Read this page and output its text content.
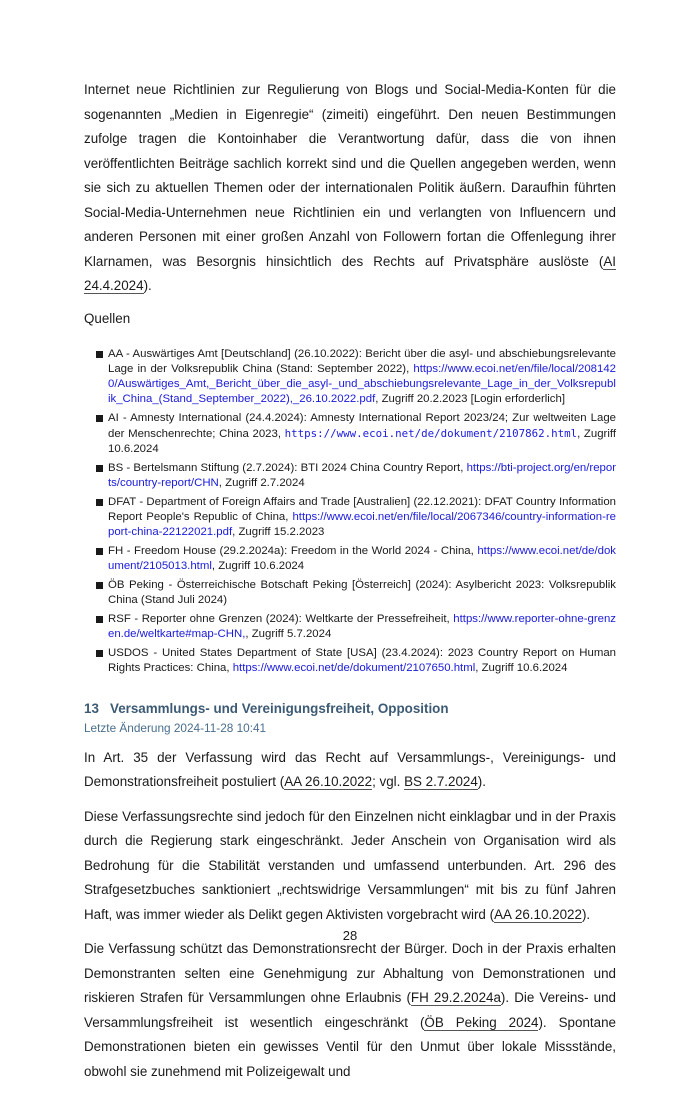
Internet neue Richtlinien zur Regulierung von Blogs und Social-Media-Konten für die sogenannten „Medien in Eigenregie“ (zimeiti) eingeführt. Den neuen Bestimmungen zufolge tragen die Kontoinhaber die Verantwortung dafür, dass die von ihnen veröffentlichten Beiträge sachlich korrekt sind und die Quellen angegeben werden, wenn sie sich zu aktuellen Themen oder der internationalen Politik äußern. Daraufhin führten Social-Media-Unternehmen neue Richtlinien ein und verlangten von Influencern und anderen Personen mit einer großen Anzahl von Followern fortan die Offenlegung ihrer Klarnamen, was Besorgnis hinsichtlich des Rechts auf Privatsphäre auslöste (AI 24.4.2024).

Quellen
AA - Auswärtiges Amt [Deutschland] (26.10.2022): Bericht über die asyl- und abschiebungsrelevante Lage in der Volksrepublik China (Stand: September 2022), https://www.ecoi.net/en/file/local/2081420/Auswärtiges_Amt,_Bericht_über_die_asyl-_und_abschiebungsrelevante_Lage_in_der_Volksrepublik_China_(Stand_September_2022),_26.10.2022.pdf, Zugriff 20.2.2023 [Login erforderlich]
AI - Amnesty International (24.4.2024): Amnesty International Report 2023/24; Zur weltweiten Lage der Menschenrechte; China 2023, https://www.ecoi.net/de/dokument/2107862.html, Zugriff 10.6.2024
BS - Bertelsmann Stiftung (2.7.2024): BTI 2024 China Country Report, https://bti-project.org/en/reports/country-report/CHN, Zugriff 2.7.2024
DFAT - Department of Foreign Affairs and Trade [Australien] (22.12.2021): DFAT Country Information Report People's Republic of China, https://www.ecoi.net/en/file/local/2067346/country-information-report-china-22122021.pdf, Zugriff 15.2.2023
FH - Freedom House (29.2.2024a): Freedom in the World 2024 - China, https://www.ecoi.net/de/dokument/2105013.html, Zugriff 10.6.2024
ÖB Peking - Österreichische Botschaft Peking [Österreich] (2024): Asylbericht 2023: Volksrepublik China (Stand Juli 2024)
RSF - Reporter ohne Grenzen (2024): Weltkarte der Pressefreiheit, https://www.reporter-ohne-grenzen.de/weltkarte#map-CHN,, Zugriff 5.7.2024
USDOS - United States Department of State [USA] (23.4.2024): 2023 Country Report on Human Rights Practices: China, https://www.ecoi.net/de/dokument/2107650.html, Zugriff 10.6.2024
13 Versammlungs- und Vereinigungsfreiheit, Opposition
Letzte Änderung 2024-11-28 10:41

In Art. 35 der Verfassung wird das Recht auf Versammlungs-, Vereinigungs- und Demonstrationsfreiheit postuliert (AA 26.10.2022; vgl. BS 2.7.2024).

Diese Verfassungsrechte sind jedoch für den Einzelnen nicht einklagbar und in der Praxis durch die Regierung stark eingeschränkt. Jeder Anschein von Organisation wird als Bedrohung für die Stabilität verstanden und umfassend unterbunden. Art. 296 des Strafgesetzbuches sanktioniert „rechtswidrige Versammlungen“ mit bis zu fünf Jahren Haft, was immer wieder als Delikt gegen Aktivisten vorgebracht wird (AA 26.10.2022).

Die Verfassung schützt das Demonstrationsrecht der Bürger. Doch in der Praxis erhalten Demonstranten selten eine Genehmigung zur Abhaltung von Demonstrationen und riskieren Strafen für Versammlungen ohne Erlaubnis (FH 29.2.2024a). Die Vereins- und Versammlungsfreiheit ist wesentlich eingeschränkt (ÖB Peking 2024). Spontane Demonstrationen bieten ein gewisses Ventil für den Unmut über lokale Missstände, obwohl sie zunehmend mit Polizeigewalt und

28
